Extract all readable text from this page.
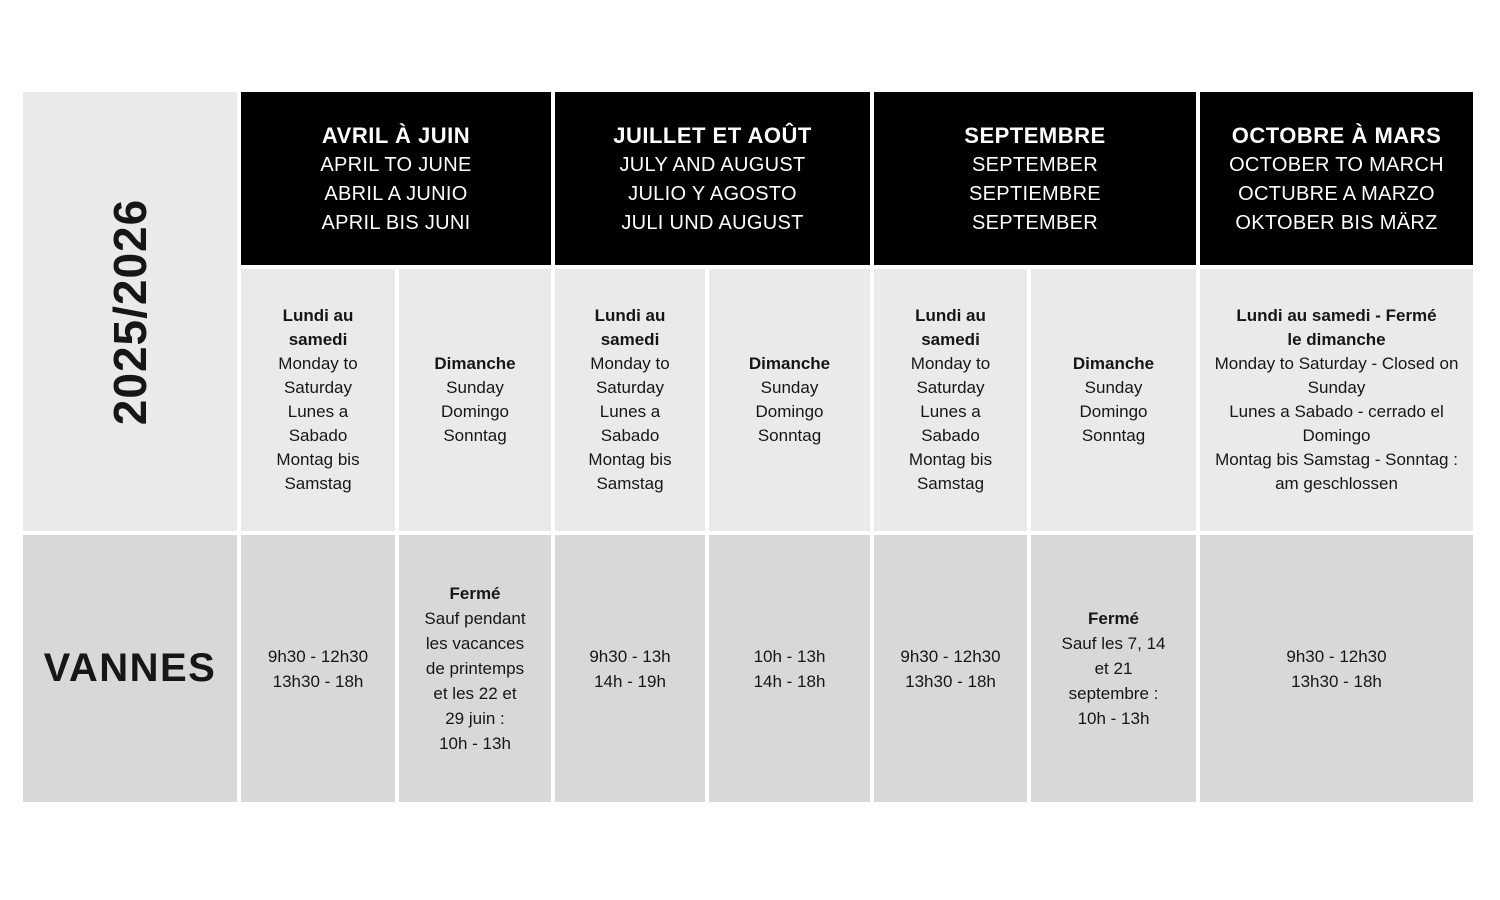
2025/2026
VANNES
AVRIL À JUIN
APRIL TO JUNE
ABRIL A JUNIO
APRIL BIS JUNI
JUILLET ET AOÛT
JULY AND AUGUST
JULIO Y AGOSTO
JULI UND AUGUST
SEPTEMBRE
SEPTEMBER
SEPTIEMBRE
SEPTEMBER
OCTOBRE À MARS
OCTOBER TO MARCH
OCTUBRE A MARZO
OKTOBER BIS MÄRZ
Lundi au samedi
Monday to Saturday
Lunes a Sabado
Montag bis Samstag
Dimanche
Sunday
Domingo
Sonntag
Lundi au samedi
Monday to Saturday
Lunes a Sabado
Montag bis Samstag
Dimanche
Sunday
Domingo
Sonntag
Lundi au samedi
Monday to Saturday
Lunes a Sabado
Montag bis Samstag
Dimanche
Sunday
Domingo
Sonntag
Lundi au samedi - Fermé le dimanche
Monday to Saturday - Closed on Sunday
Lunes a Sabado - cerrado el Domingo
Montag bis Samstag - Sonntag : am geschlossen
9h30 - 12h30
13h30 - 18h
Fermé
Sauf pendant les vacances de printemps et les 22 et 29 juin :
10h - 13h
9h30 - 13h
14h - 19h
10h - 13h
14h - 18h
9h30 - 12h30
13h30 - 18h
Fermé
Sauf les 7, 14 et 21 septembre :
10h - 13h
9h30 - 12h30
13h30 - 18h
